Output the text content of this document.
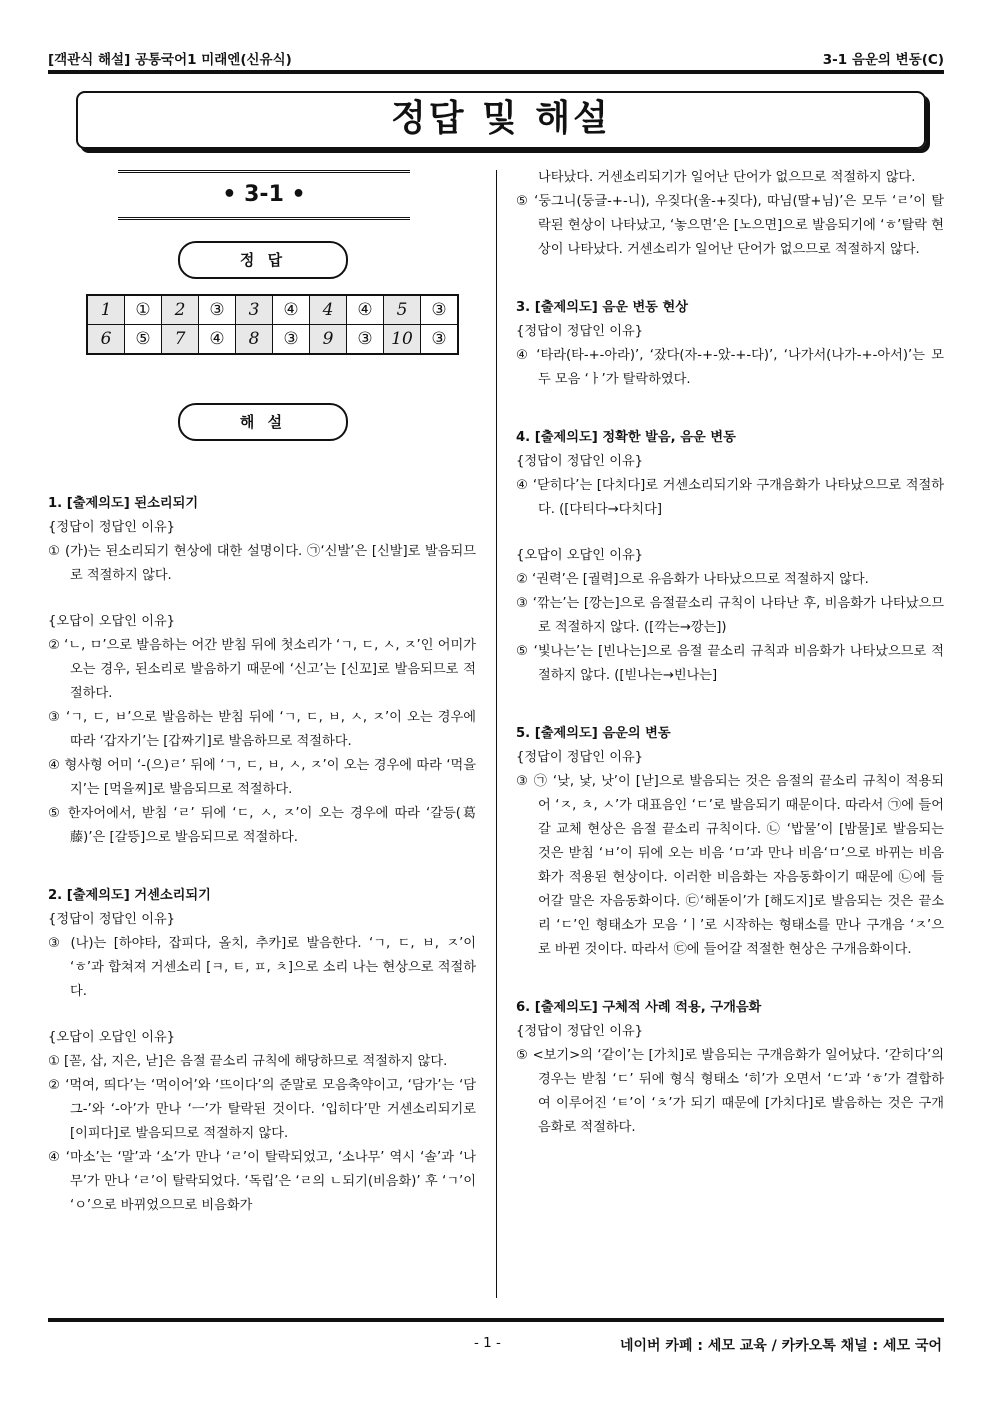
[객관식 해설] 공통국어1 미래엔(신유식)	3-1 음운의 변동(C)
정답 및 해설
• 3-1 •
정 답
1	①	2	③	3	④	4	④	5	③
6	⑤	7	④	8	③	9	③	10	③
해 설
1. [출제의도] 된소리되기
{정답이 정답인 이유}
① (가)는 된소리되기 현상에 대한 설명이다. ㉠‘신발’은 [신발]로 발음되므로 적절하지 않다.
{오답이 오답인 이유}
② ‘ㄴ, ㅁ’으로 발음하는 어간 받침 뒤에 첫소리가 ‘ㄱ, ㄷ, ㅅ, ㅈ’인 어미가 오는 경우, 된소리로 발음하기 때문에 ‘신고’는 [신꼬]로 발음되므로 적절하다.
③ ‘ㄱ, ㄷ, ㅂ’으로 발음하는 받침 뒤에 ‘ㄱ, ㄷ, ㅂ, ㅅ, ㅈ’이 오는 경우에 따라 ‘갑자기’는 [갑짜기]로 발음하므로 적절하다.
④ 형사형 어미 ‘-(으)ㄹ’ 뒤에 ‘ㄱ, ㄷ, ㅂ, ㅅ, ㅈ’이 오는 경우에 따라 ‘먹을지’는 [먹을찌]로 발음되므로 적절하다.
⑤ 한자어에서, 받침 ‘ㄹ’ 뒤에 ‘ㄷ, ㅅ, ㅈ’이 오는 경우에 따라 ‘갈등(葛藤)’은 [갈뜽]으로 발음되므로 적절하다.
2. [출제의도] 거센소리되기
{정답이 정답인 이유}
③ (나)는 [하야타, 잡피다, 올치, 추카]로 발음한다. ‘ㄱ, ㄷ, ㅂ, ㅈ’이 ‘ㅎ’과 합쳐져 거센소리 [ㅋ, ㅌ, ㅍ, ㅊ]으로 소리 나는 현상으로 적절하다.
{오답이 오답인 이유}
① [꼳, 삽, 지은, 낟]은 음절 끝소리 규칙에 해당하므로 적절하지 않다.
② ‘먹여, 띄다’는 ‘먹이어’와 ‘뜨이다’의 준말로 모음축약이고, ‘담가’는 ‘담그-’와 ‘-아’가 만나 ‘ㅡ’가 탈락된 것이다. ‘입히다’만 거센소리되기로 [이피다]로 발음되므로 적절하지 않다.
④ ‘마소’는 ‘말’과 ‘소’가 만나 ‘ㄹ’이 탈락되었고, ‘소나무’ 역시 ‘솔’과 ‘나무’가 만나 ‘ㄹ’이 탈락되었다. ‘독립’은 ‘ㄹ의 ㄴ되기(비음화)’ 후 ‘ㄱ’이 ‘ㅇ’으로 바뀌었으므로 비음화가
나타났다. 거센소리되기가 일어난 단어가 없으므로 적절하지 않다.
⑤ ‘둥그니(둥글-+-니), 우짖다(울-+짖다), 따님(딸+님)’은 모두 ‘ㄹ’이 탈락된 현상이 나타났고, ‘놓으면’은 [노으면]으로 발음되기에 ‘ㅎ’탈락 현상이 나타났다. 거센소리가 일어난 단어가 없으므로 적절하지 않다.
3. [출제의도] 음운 변동 현상
{정답이 정답인 이유}
④ ‘타라(타-+-아라)’, ‘잤다(자-+-았-+-다)’, ‘나가서(나가-+-아서)’는 모두 모음 ‘ㅏ’가 탈락하였다.
4. [출제의도] 정확한 발음, 음운 변동
{정답이 정답인 이유}
④ ‘닫히다’는 [다치다]로 거센소리되기와 구개음화가 나타났으므로 적절하다. ([다티다→다치다]
{오답이 오답인 이유}
② ‘권력’은 [궐력]으로 유음화가 나타났으므로 적절하지 않다.
③ ‘깎는’는 [깡는]으로 음절끝소리 규칙이 나타난 후, 비음화가 나타났으므로 적절하지 않다. ([깍는→깡는])
⑤ ‘빛나는’는 [빈나는]으로 음절 끝소리 규칙과 비음화가 나타났으므로 적절하지 않다. ([빋나는→빈나는]
5. [출제의도] 음운의 변동
{정답이 정답인 이유}
③ ㉠ ‘낮, 낯, 낫’이 [낟]으로 발음되는 것은 음절의 끝소리 규칙이 적용되어 ‘ㅈ, ㅊ, ㅅ’가 대표음인 ‘ㄷ’로 발음되기 때문이다. 따라서 ㉠에 들어갈 교체 현상은 음절 끝소리 규칙이다. ㉡ ‘밥물’이 [밤물]로 발음되는 것은 받침 ‘ㅂ’이 뒤에 오는 비음 ‘ㅁ’과 만나 비음‘ㅁ’으로 바뀌는 비음화가 적용된 현상이다. 이러한 비음화는 자음동화이기 때문에 ㉡에 들어갈 말은 자음동화이다. ㉢‘해돋이’가 [해도지]로 발음되는 것은 끝소리 ‘ㄷ’인 형태소가 모음 ‘ㅣ’로 시작하는 형태소를 만나 구개음 ‘ㅈ’으로 바뀐 것이다. 따라서 ㉢에 들어갈 적절한 현상은 구개음화이다.
6. [출제의도] 구체적 사례 적용, 구개음화
{정답이 정답인 이유}
⑤ <보기>의 ‘같이’는 [가치]로 발음되는 구개음화가 일어났다. ‘갇히다’의 경우는 받침 ‘ㄷ’ 뒤에 형식 형태소 ‘히’가 오면서 ‘ㄷ’과 ‘ㅎ’가 결합하여 이루어진 ‘ㅌ’이 ‘ㅊ’가 되기 때문에 [가치다]로 발음하는 것은 구개음화로 적절하다.
- 1 -	네이버 카페 : 세모 교육 / 카카오톡 채널 : 세모 국어
